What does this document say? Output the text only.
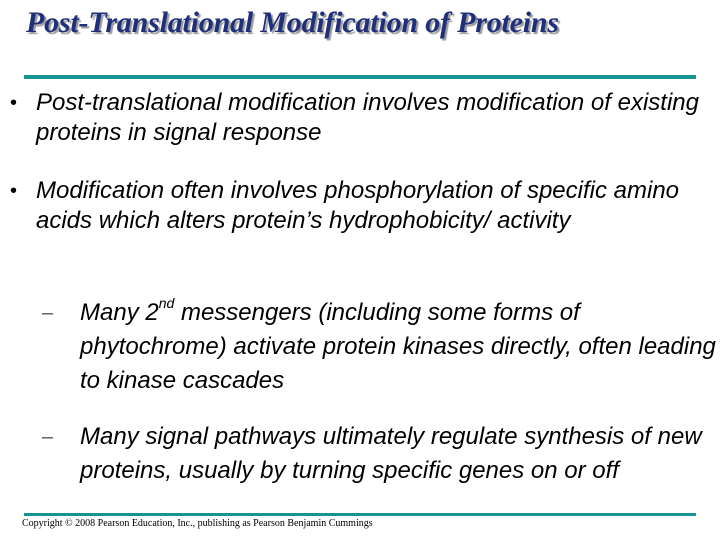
Post-Translational Modification of Proteins
• Post-translational modification involves modification of existing proteins in signal response
• Modification often involves phosphorylation of specific amino acids which alters protein’s hydrophobicity/ activity
– Many 2nd messengers (including some forms of phytochrome) activate protein kinases directly, often leading to kinase cascades
– Many signal pathways ultimately regulate synthesis of new proteins, usually by turning specific genes on or off
Copyright © 2008 Pearson Education, Inc., publishing as Pearson Benjamin Cummings
